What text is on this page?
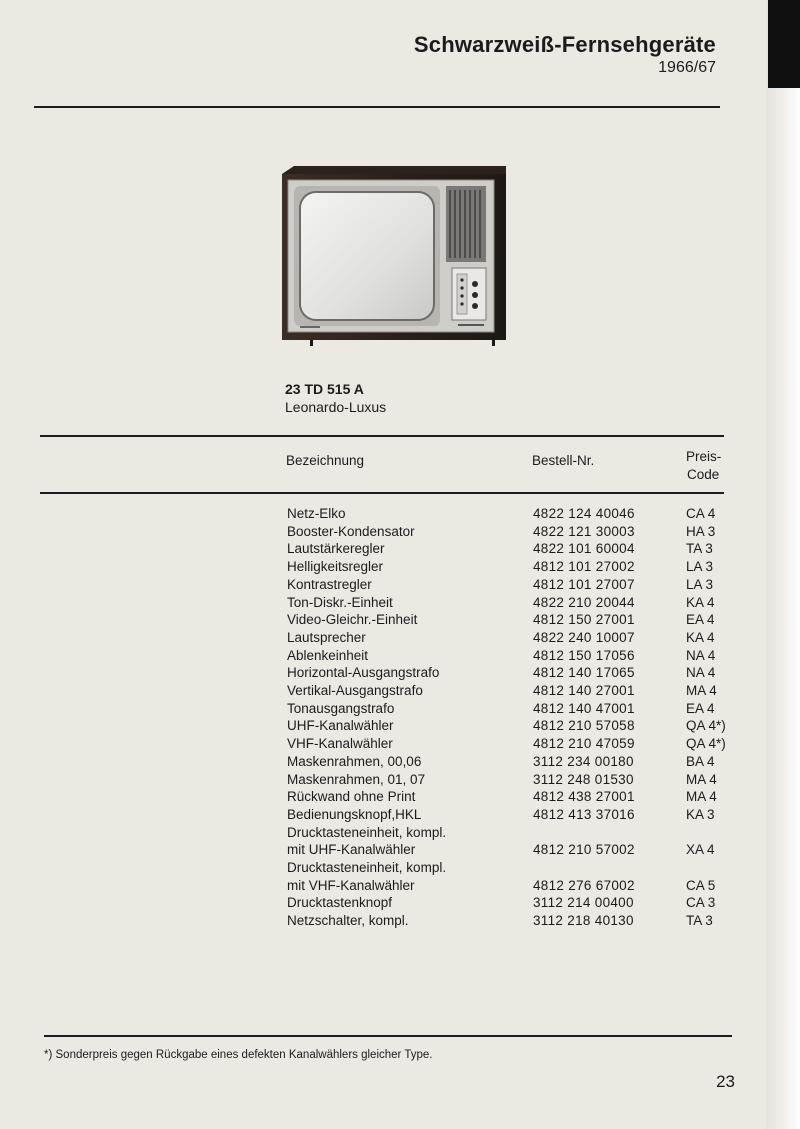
Schwarzweiß-Fernsehgeräte
1966/67
23 TD 515 A
Leonardo-Luxus
Bezeichnung	Bestell-Nr.	Preis-
Code
Netz-Elko	4822 124 40046	CA 4
Booster-Kondensator	4822 121 30003	HA 3
Lautstärkeregler	4822 101 60004	TA 3
Helligkeitsregler	4812 101 27002	LA 3
Kontrastregler	4812 101 27007	LA 3
Ton-Diskr.-Einheit	4822 210 20044	KA 4
Video-Gleichr.-Einheit	4812 150 27001	EA 4
Lautsprecher	4822 240 10007	KA 4
Ablenkeinheit	4812 150 17056	NA 4
Horizontal-Ausgangstrafo	4812 140 17065	NA 4
Vertikal-Ausgangstrafo	4812 140 27001	MA 4
Tonausgangstrafo	4812 140 47001	EA 4
UHF-Kanalwähler	4812 210 57058	QA 4*)
VHF-Kanalwähler	4812 210 47059	QA 4*)
Maskenrahmen, 00,06	3112 234 00180	BA 4
Maskenrahmen, 01, 07	3112 248 01530	MA 4
Rückwand ohne Print	4812 438 27001	MA 4
Bedienungsknopf,HKL	4812 413 37016	KA 3
Drucktasteneinheit, kompl.
mit UHF-Kanalwähler	4812 210 57002	XA 4
Drucktasteneinheit, kompl.
mit VHF-Kanalwähler	4812 276 67002	CA 5
Drucktastenknopf	3112 214 00400	CA 3
Netzschalter, kompl.	3112 218 40130	TA 3
*) Sonderpreis gegen Rückgabe eines defekten Kanalwählers gleicher Type.
23
